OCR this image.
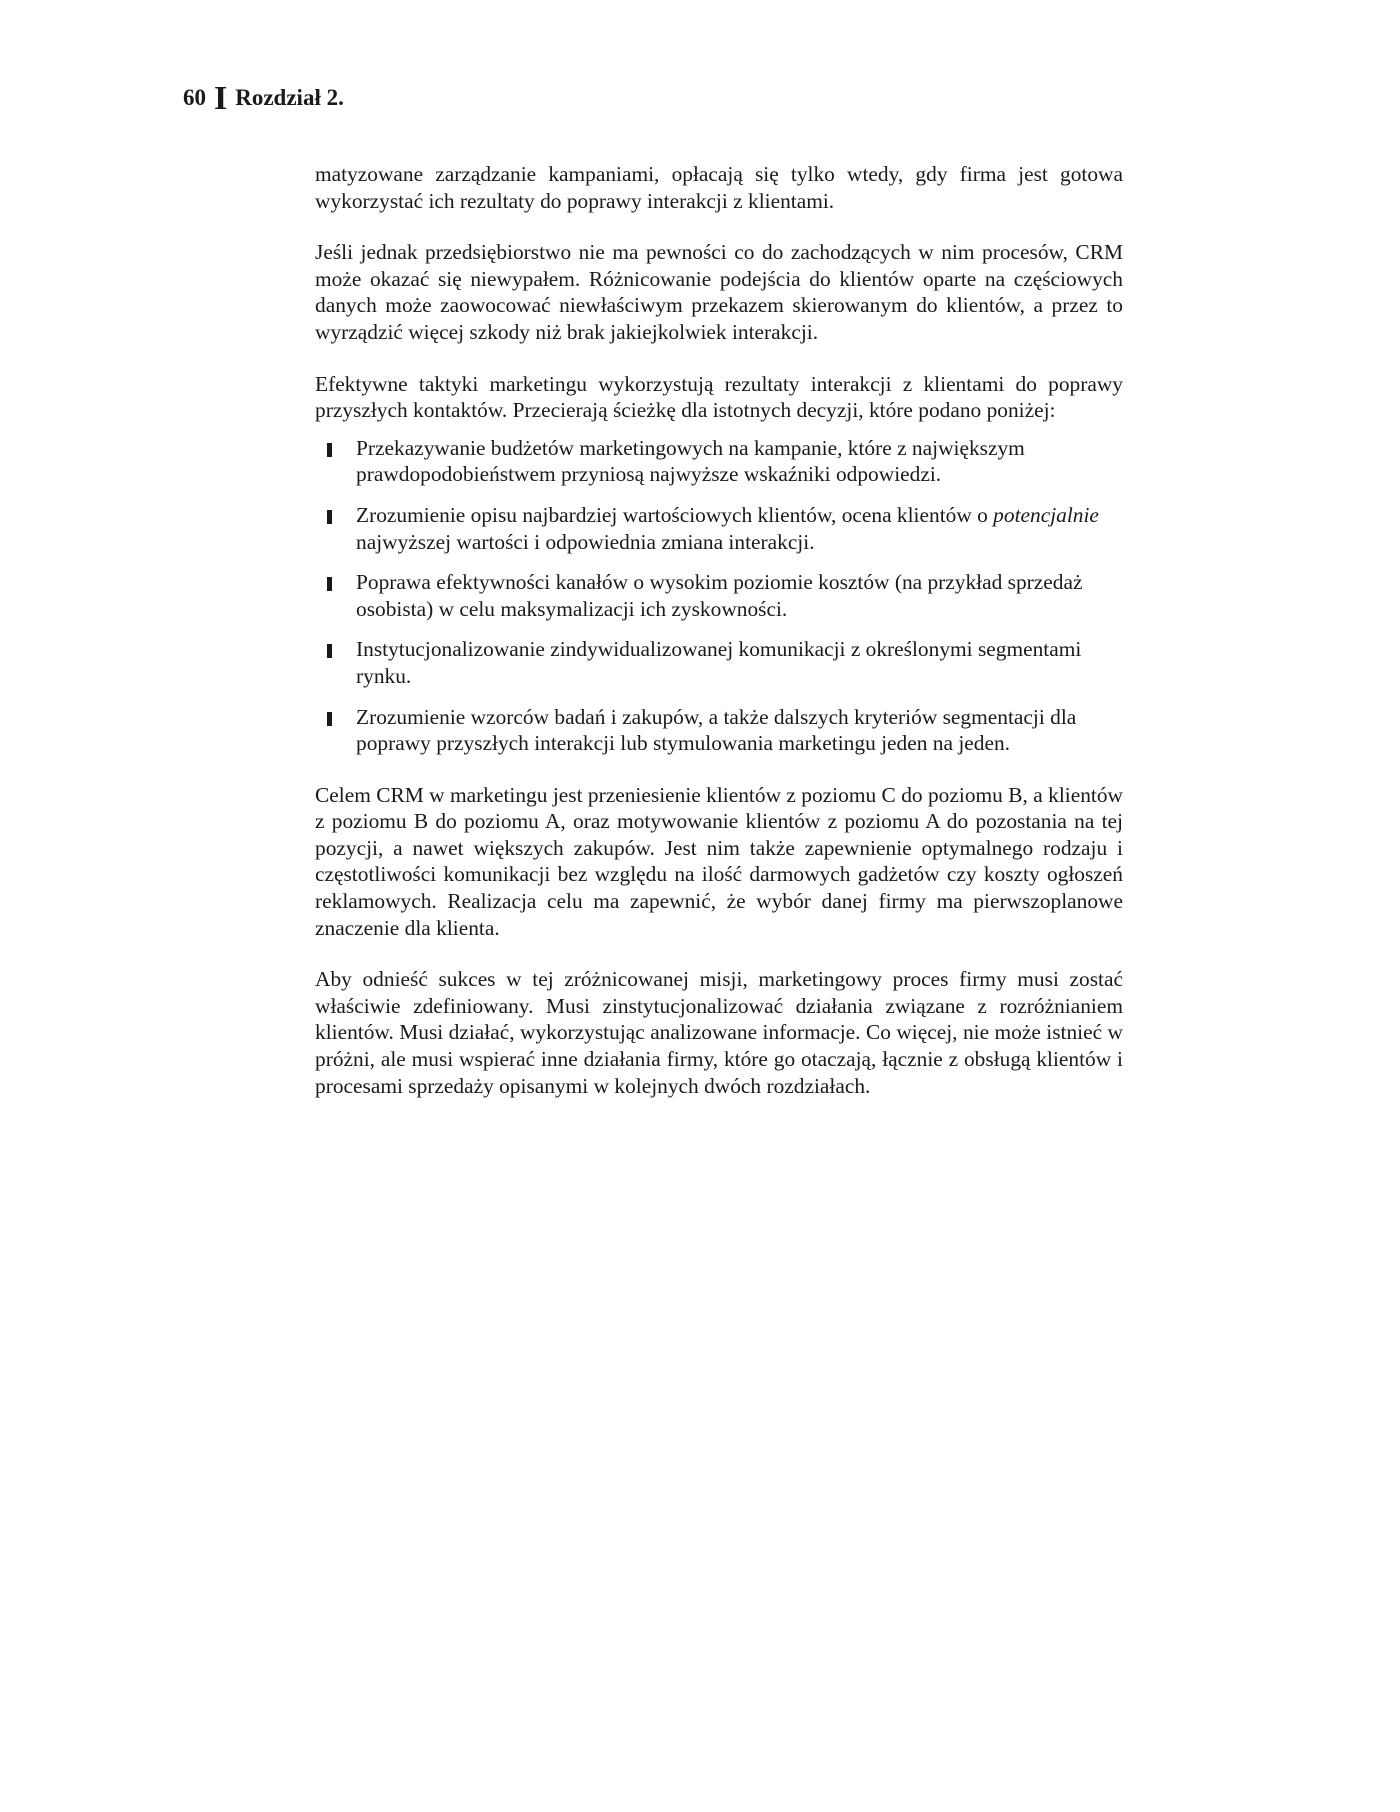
60 I Rozdział 2.

matyzowane zarządzanie kampaniami, opłacają się tylko wtedy, gdy firma jest gotowa wykorzystać ich rezultaty do poprawy interakcji z klientami.

Jeśli jednak przedsiębiorstwo nie ma pewności co do zachodzących w nim procesów, CRM może okazać się niewypałem. Różnicowanie podejścia do klientów oparte na częściowych danych może zaowocować niewłaściwym przekazem skierowanym do klientów, a przez to wyrządzić więcej szkody niż brak jakiejkolwiek interakcji.

Efektywne taktyki marketingu wykorzystują rezultaty interakcji z klientami do poprawy przyszłych kontaktów. Przecierają ścieżkę dla istotnych decyzji, które podano poniżej:

Przekazywanie budżetów marketingowych na kampanie, które z największym prawdopodobieństwem przyniosą najwyższe wskaźniki odpowiedzi.
Zrozumienie opisu najbardziej wartościowych klientów, ocena klientów o potencjalnie najwyższej wartości i odpowiednia zmiana interakcji.
Poprawa efektywności kanałów o wysokim poziomie kosztów (na przykład sprzedaż osobista) w celu maksymalizacji ich zyskowności.
Instytucjonalizowanie zindywidualizowanej komunikacji z określonymi segmentami rynku.
Zrozumienie wzorców badań i zakupów, a także dalszych kryteriów segmentacji dla poprawy przyszłych interakcji lub stymulowania marketingu jeden na jeden.

Celem CRM w marketingu jest przeniesienie klientów z poziomu C do poziomu B, a klientów z poziomu B do poziomu A, oraz motywowanie klientów z poziomu A do pozostania na tej pozycji, a nawet większych zakupów. Jest nim także zapewnienie optymalnego rodzaju i częstotliwości komunikacji bez względu na ilość darmowych gadżetów czy koszty ogłoszeń reklamowych. Realizacja celu ma zapewnić, że wybór danej firmy ma pierwszoplanowe znaczenie dla klienta.

Aby odnieść sukces w tej zróżnicowanej misji, marketingowy proces firmy musi zostać właściwie zdefiniowany. Musi zinstytucjonalizować działania związane z rozróżnianiem klientów. Musi działać, wykorzystując analizowane informacje. Co więcej, nie może istnieć w próżni, ale musi wspierać inne działania firmy, które go otaczają, łącznie z obsługą klientów i procesami sprzedaży opisanymi w kolejnych dwóch rozdziałach.
